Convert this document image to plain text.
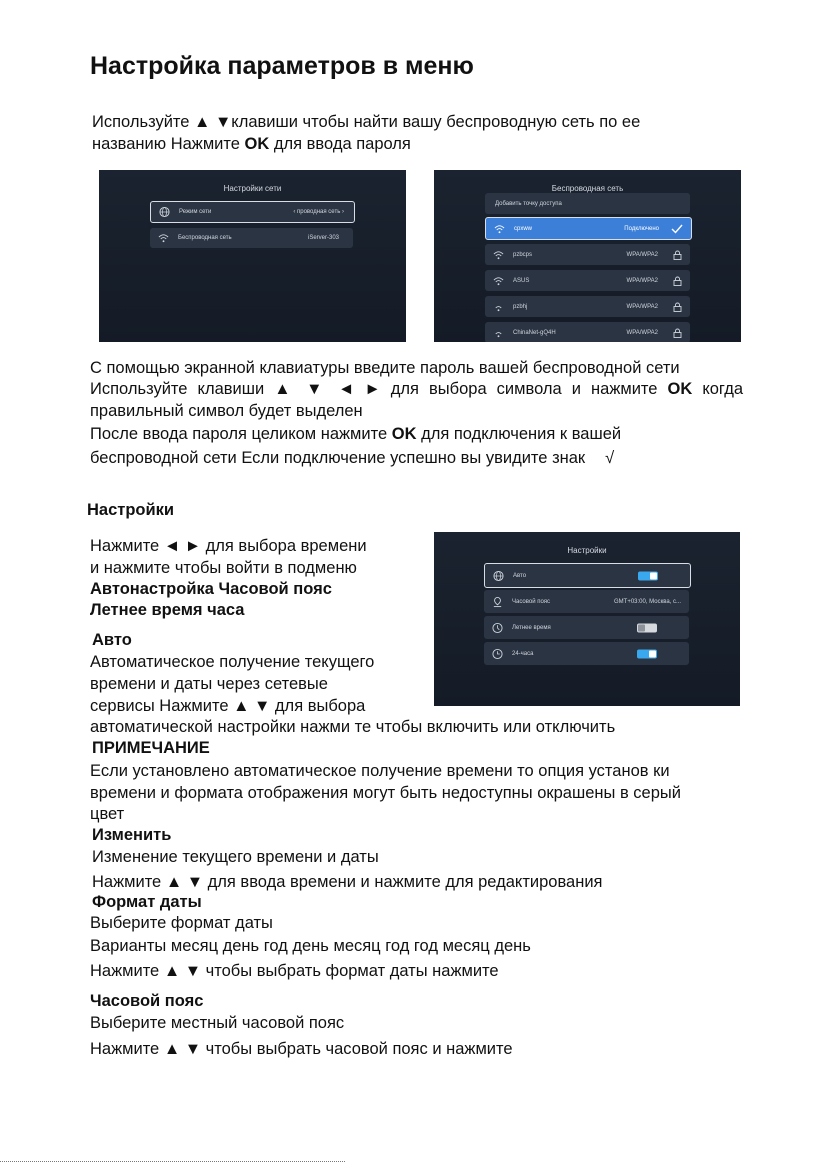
Настройка параметров в меню
Используйте ▲ ▼клавиши чтобы найти вашу беспроводную сеть по ее
названию Нажмите OK для ввода пароля
Настройки сети
Режим сети	‹ проводная сеть ›
Беспроводная сеть	iServer-303
Беспроводная сеть
Добавить точку доступа
cpxww	Подключено
pzbcps	WPA/WPA2
ASUS	WPA/WPA2
pzbhj	WPA/WPA2
ChinaNet-gQ4H	WPA/WPA2
С помощью экранной клавиатуры введите пароль вашей беспроводной сети
Используйте клавиши ▲ ▼ ◄ ► для выбора символа и нажмите OK когда
правильный символ будет выделен
После ввода пароля целиком нажмите OK для подключения к вашей
беспроводной сети Если подключение успешно вы увидите знак √
Настройки
Нажмите ◄ ► для выбора времени
и нажмите чтобы войти в подменю
Автонастройка Часовой пояс
Летнее время часа
Настройки
Авто
Часовой пояс	GMT+03:00, Москва, с...
Летнее время
24-часа
Авто
Автоматическое получение текущего
времени и даты через сетевые
сервисы Нажмите ▲ ▼ для выбора
автоматической настройки нажми те чтобы включить или отключить
ПРИМЕЧАНИЕ
Если установлено автоматическое получение времени то опция установ ки
времени и формата отображения могут быть недоступны окрашены в серый
цвет
Изменить
Изменение текущего времени и даты
Нажмите ▲ ▼ для ввода времени и нажмите для редактирования
Формат даты
Выберите формат даты
Варианты месяц день год день месяц год год месяц день
Нажмите ▲ ▼ чтобы выбрать формат даты нажмите
Часовой пояс
Выберите местный часовой пояс
Нажмите ▲ ▼ чтобы выбрать часовой пояс и нажмите
